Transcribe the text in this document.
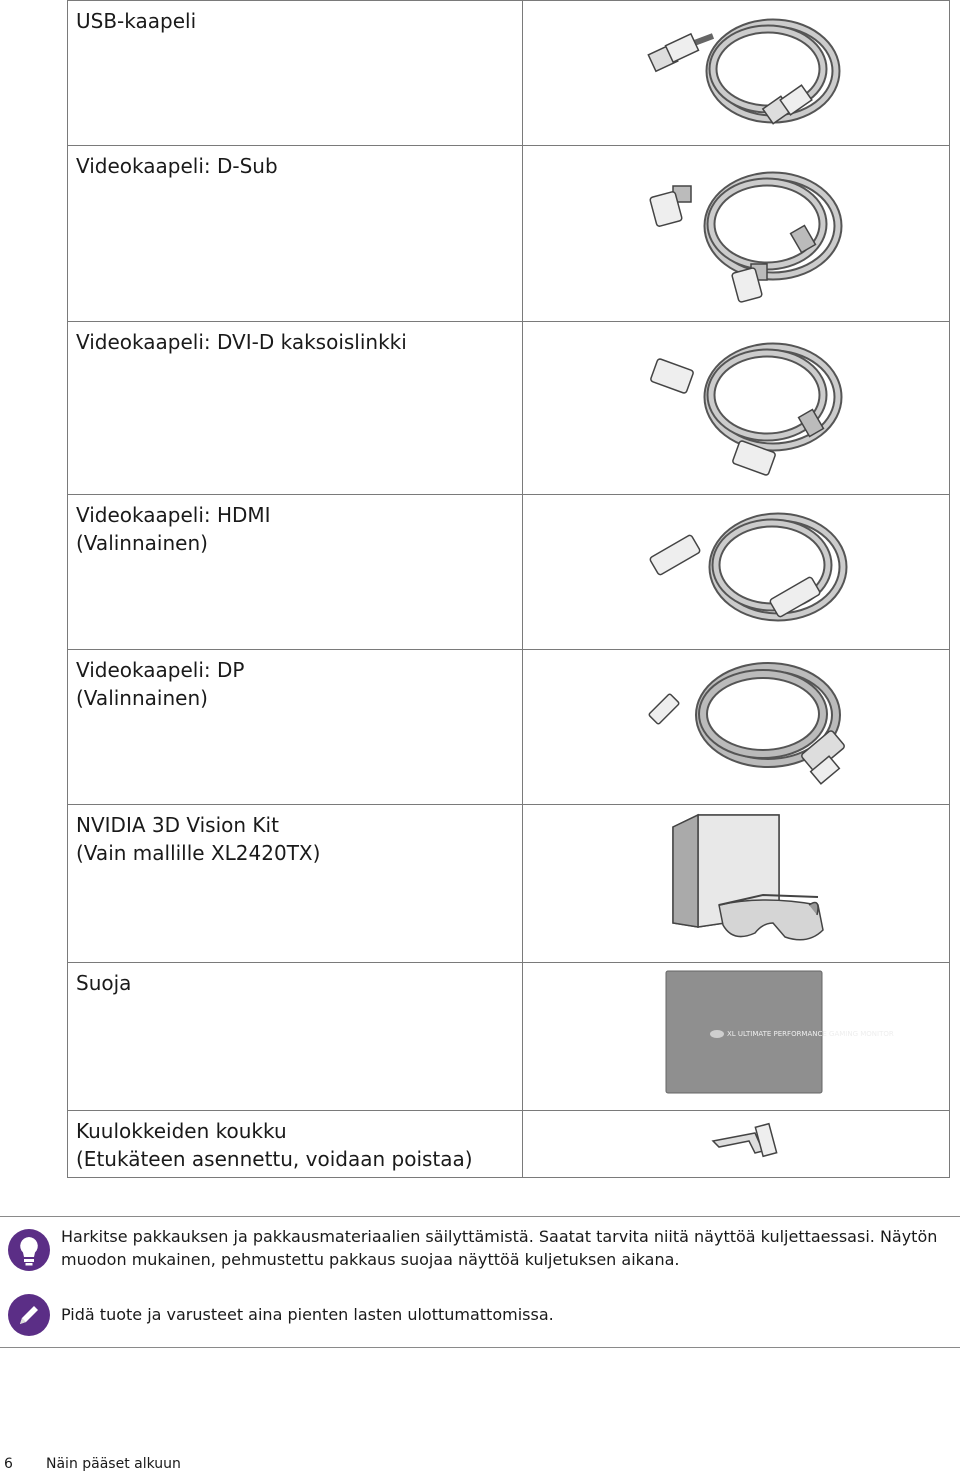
USB-kaapeli

Videokaapeli: D-Sub

Videokaapeli: DVI-D kaksoislinkki

Videokaapeli: HDMI
(Valinnainen)

Videokaapeli: DP
(Valinnainen)

NVIDIA 3D Vision Kit
(Vain mallille XL2420TX)

Suoja	XL ULTIMATE PERFORMANCE GAMING MONITOR

Kuulokkeiden koukku
(Etukäteen asennettu, voidaan poistaa)

Harkitse pakkauksen ja pakkausmateriaalien säilyttämistä. Saatat tarvita niitä näyttöä kuljettaessasi. Näytön muodon mukainen, pehmustettu pakkaus suojaa näyttöä kuljetuksen aikana.
Pidä tuote ja varusteet aina pienten lasten ulottumattomissa.
6 Näin pääset alkuun
